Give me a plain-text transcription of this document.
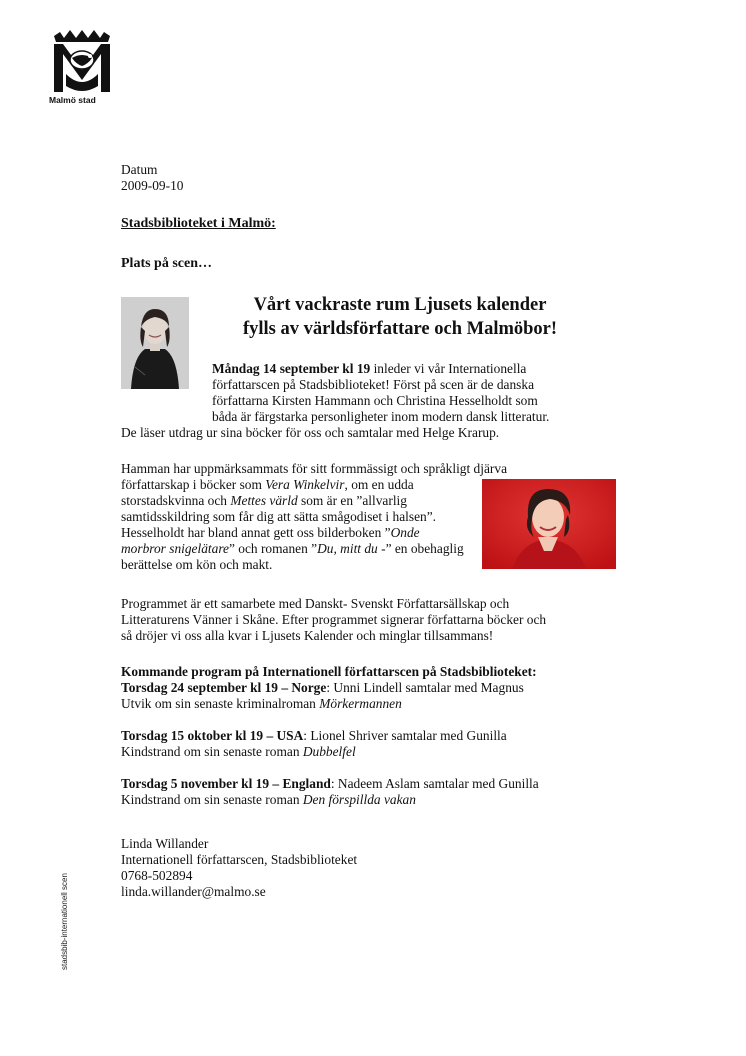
Malmö stad
Datum
2009-09-10
Stadsbiblioteket i Malmö:
Plats på scen…
Vårt vackraste rum Ljusets kalender
fylls av världsförfattare och Malmöbor!
Måndag 14 september kl 19 inleder vi vår Internationella
författarscen på Stadsbiblioteket! Först på scen är de danska
författarna Kirsten Hammann och Christina Hesselholdt som
båda är färgstarka personligheter inom modern dansk litteratur.
De läser utdrag ur sina böcker för oss och samtalar med Helge Krarup.
Hamman har uppmärksammats för sitt formmässigt och språkligt djärva
författarskap i böcker som Vera Winkelvir, om en udda
storstadskvinna och Mettes värld som är en ”allvarlig
samtidsskildring som får dig att sätta smågodiset i halsen”.
Hesselholdt har bland annat gett oss bilderboken ”Onde
morbror snigelätare” och romanen ”Du, mitt du -” en obehaglig
berättelse om kön och makt.
Programmet är ett samarbete med Danskt- Svenskt Författarsällskap och
Litteraturens Vänner i Skåne. Efter programmet signerar författarna böcker och
så dröjer vi oss alla kvar i Ljusets Kalender och minglar tillsammans!
Kommande program på Internationell författarscen på Stadsbiblioteket:
Torsdag 24 september kl 19 – Norge: Unni Lindell samtalar med Magnus
Utvik om sin senaste kriminalroman Mörkermannen
Torsdag 15 oktober kl 19 – USA: Lionel Shriver samtalar med Gunilla
Kindstrand om sin senaste roman Dubbelfel
Torsdag 5 november kl 19 – England: Nadeem Aslam samtalar med Gunilla
Kindstrand om sin senaste roman Den förspillda vakan
Linda Willander
Internationell författarscen, Stadsbiblioteket
0768-502894
linda.willander@malmo.se
stadsbib-internationell scen
